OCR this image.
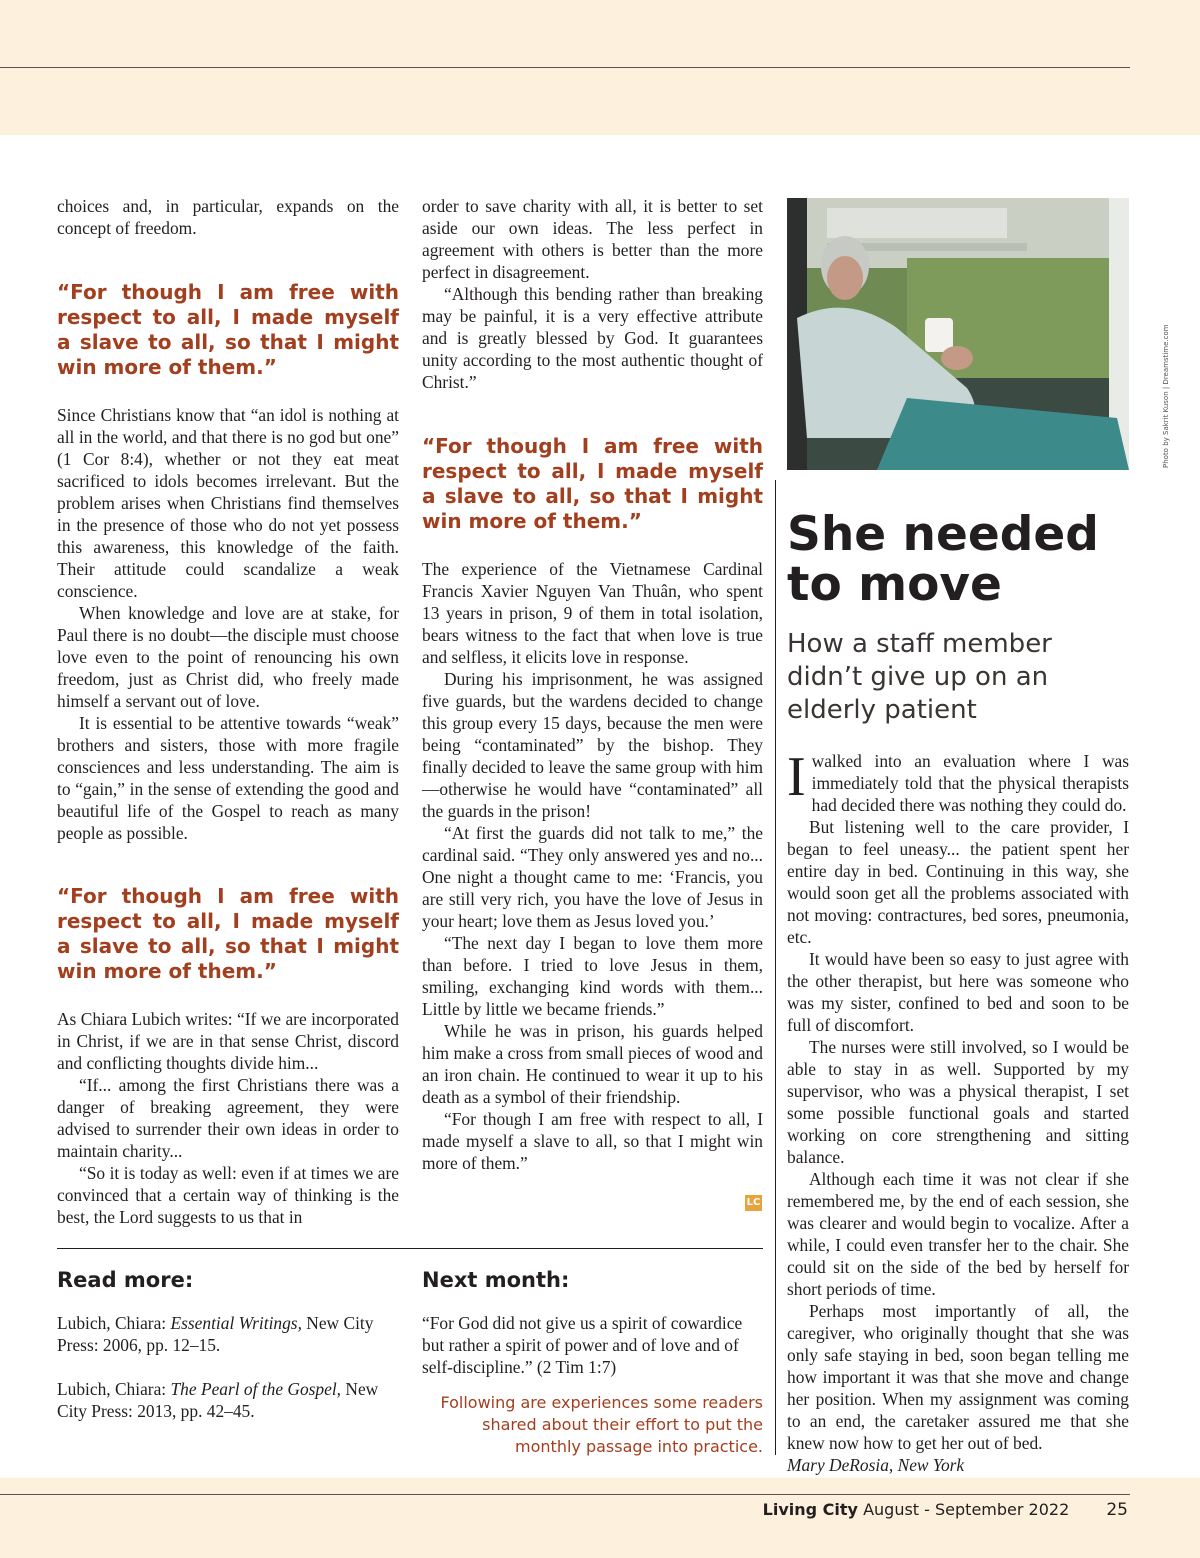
choices and, in particular, expands on the concept of freedom.

“For though I am free with respect to all, I made myself a slave to all, so that I might win more of them.”

Since Christians know that “an idol is nothing at all in the world, and that there is no god but one” (1 Cor 8:4), whether or not they eat meat sacrificed to idols becomes irrelevant. But the problem arises when Christians find themselves in the presence of those who do not yet possess this awareness, this knowledge of the faith. Their attitude could scandalize a weak conscience.

When knowledge and love are at stake, for Paul there is no doubt—the disciple must choose love even to the point of renouncing his own freedom, just as Christ did, who freely made himself a servant out of love.

It is essential to be attentive towards “weak” brothers and sisters, those with more fragile consciences and less understanding. The aim is to “gain,” in the sense of extending the good and beautiful life of the Gospel to reach as many people as possible.

“For though I am free with respect to all, I made myself a slave to all, so that I might win more of them.”

As Chiara Lubich writes: “If we are incorporated in Christ, if we are in that sense Christ, discord and conflicting thoughts divide him...

“If... among the first Christians there was a danger of breaking agreement, they were advised to surrender their own ideas in order to maintain charity...

“So it is today as well: even if at times we are convinced that a certain way of thinking is the best, the Lord suggests to us that in

order to save charity with all, it is better to set aside our own ideas. The less perfect in agreement with others is better than the more perfect in disagreement.

“Although this bending rather than breaking may be painful, it is a very effective attribute and is greatly blessed by God. It guarantees unity according to the most authentic thought of Christ.”

“For though I am free with respect to all, I made myself a slave to all, so that I might win more of them.”

The experience of the Vietnamese Cardinal Francis Xavier Nguyen Van Thuân, who spent 13 years in prison, 9 of them in total isolation, bears witness to the fact that when love is true and selfless, it elicits love in response.

During his imprisonment, he was assigned five guards, but the wardens decided to change this group every 15 days, because the men were being “contaminated” by the bishop. They finally decided to leave the same group with him—otherwise he would have “contaminated” all the guards in the prison!

“At first the guards did not talk to me,” the cardinal said. “They only answered yes and no... One night a thought came to me: ‘Francis, you are still very rich, you have the love of Jesus in your heart; love them as Jesus loved you.’

“The next day I began to love them more than before. I tried to love Jesus in them, smiling, exchanging kind words with them... Little by little we became friends.”

While he was in prison, his guards helped him make a cross from small pieces of wood and an iron chain. He continued to wear it up to his death as a symbol of their friendship.

“For though I am free with respect to all, I made myself a slave to all, so that I might win more of them.”

LC
Photo by Sakrit Kuson | Dreamstime.com
She needed to move
How a staff member didn’t give up on an elderly patient

Iwalked into an evaluation where I was immediately told that the physical therapists had decided there was nothing they could do.

But listening well to the care provider, I began to feel uneasy... the patient spent her entire day in bed. Continuing in this way, she would soon get all the problems associated with not moving: contractures, bed sores, pneumonia, etc.

It would have been so easy to just agree with the other therapist, but here was someone who was my sister, confined to bed and soon to be full of discomfort.

The nurses were still involved, so I would be able to stay in as well. Supported by my supervisor, who was a physical therapist, I set some possible functional goals and started working on core strengthening and sitting balance.

Although each time it was not clear if she remembered me, by the end of each session, she was clearer and would begin to vocalize. After a while, I could even transfer her to the chair. She could sit on the side of the bed by herself for short periods of time.

Perhaps most importantly of all, the caregiver, who originally thought that she was only safe staying in bed, soon began telling me how important it was that she move and change her position. When my assignment was coming to an end, the caretaker assured me that she knew now how to get her out of bed.

Mary DeRosia, New York

Read more:

Lubich, Chiara: Essential Writings, New City Press: 2006, pp. 12–15.

Lubich, Chiara: The Pearl of the Gospel, New City Press: 2013, pp. 42–45.

Next month:
“For God did not give us a spirit of cowardice but rather a spirit of power and of love and of self-discipline.” (2 Tim 1:7)
Following are experiences some readers shared about their effort to put the monthly passage into practice.
Living City August - September 2022 25
